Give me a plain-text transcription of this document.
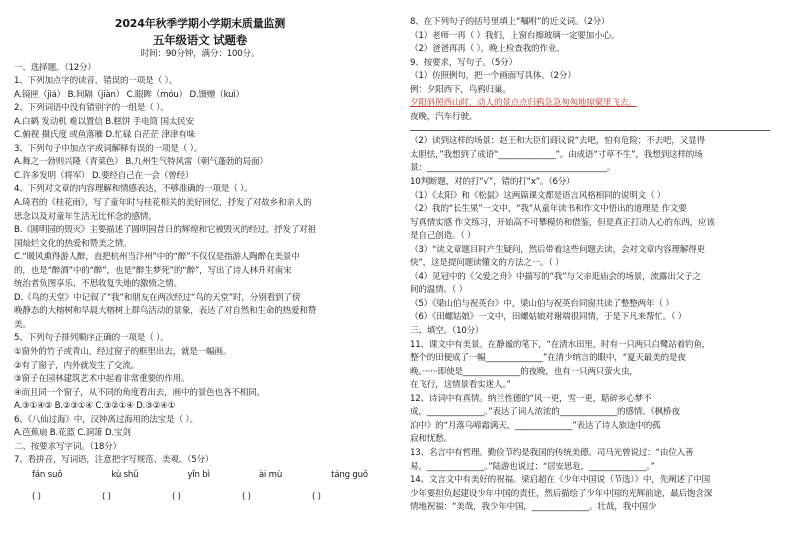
2024年秋季学期小学期末质量监测
五年级语文 试题卷
时间：90分钟，满分：100分。
一、选择题。（12分）
1、下列加点字的读音，错误的一项是（ ）。
A.镜匣（jiá） B.间隔（jiàn） C.眼眸（móu） D.馈赠（kuì）
2、下列词语中没有错别字的一组是（ ）。
A.白鹤 发动机 难以置信 B.糕饼 手电筒 国太民安
C.俯视 摄氏度 或鱼落雁 D.忙碌 白茫茫 津津有味
3、下列句子中加点字或词解释有误的一项是（ ）。
A.舞之一勃则兴隆（青菜色） B.九州生气特风雷（朝气蓬勃的局面）
C.许多发明（将军） D.要经自己在一会（曾经）
4、下列对文章的内容理解和情感表达，不够准确的一项是（ ）。
A.琦君的《桂花雨》，写了童年时与桂花相关的美好回忆，抒发了对故乡和亲人的
思念以及对童年生活无比怀念的感情。
B.《圆明园的毁灭》主要描述了圆明园昔日的辉煌和它被毁灭的经过，抒发了对祖
国灿烂文化的热爱和赞美之情。
C.“暖风熏得游人醉，直把杭州当汴州”中的“醉”不仅仅是指游人陶醉在美景中
的，也是“醉酒”中的“醉”，也是“醉生梦死”的“醉”，写出了诗人林升对南宋
统治者负图享乐、不思收复失地的激愤之情。
D.《鸟的天堂》中记叙了“我”和朋友在两次经过“鸟的天堂”时，分别看到了傍
晚静态的大榕树和早晨大榕树上群鸟活动的景象，表达了对自然和生命的热爱和赞
美。
5、下列句子排列顺序正确的一项是（ ）。
①窗外的竹子或青山，经过窗子的框里出去，就是一幅画。
②有了窗子，内外就发生了交流。
③窗子在园林建筑艺术中起着非常重要的作用。
④而且同一个窗子，从不同的角度看出去，画中的景色也各不相同。
A.③①④② B.②③①④ C.③②①④ D.③②④①
6、《八仙过海》中，汉钟离过海用的法宝是（ ）。
A.芭蕉扇 B.花篮 C.洞箫 D.宝剑
二、按要求写字词。（18分）
7、看拼音，写词语，注意把字写规范、美观。（5分）
fán suǒ	kù shǔ	yǐn bì	ài mù	táng guǒ
( )	( )	( )	( )	( )
8、在下列句子的括号里填上“嘱咐”的近义词。（2分）
（1）老师一再（ ）我们，上窗台擦玻璃一定要加小心。
（2）爸爸再再（ ），晚上检查我的作业。
9、按要求，写句子。（5分）
（1）仿照例句，把一个画面写具体。（2分）
例：夕阳西下，鸟鸦归巢。
夕阳斜照西山时，动人的景点点归鸦急急匆匆地掠窠里飞去。
夜晚，汽车行驶。
（2）读到这样的场景：赵王和大臣们商议说“去吧，怕有危险；不去吧，又显得
太胆怯，”我想到了成语“______________”。由成语“寸草不生”，我想到这样的场
景：____________________________________________。
10判断题，对的打“√”，错的打“x”。（6分）
（1）《太阳》和《松鼠》这两篇课文都是语言风格相同的说明文（ ）
（2）我的“长生果”一文中，“我”从童年读书和作文中悟出的道理是 作文要
写真情实感 作文练习，开始高不可攀模仿和借鉴，但是真正打动人心的东西，应该
是自己创造。（ ）
（3）“读文章题目时产生疑问，然后带着这些问题去读，会对文章内容理解得更
快”，这是提问题读懂文的方法之一。（ ）
（4）见冠中的《父爱之舟》中描写的“我”与父亲逛庙会的场景，流露出父子之
间的温情。（ ）
（5）《梁山伯与祝英台》中，梁山伯与祝英台同窗共读了整整两年（ ）
（6）《田螺姑娘》一文中，田螺姑娘对谢端很同情，于是下凡来帮忙。（ ）
三、填空。（10分）
11、课文中有美景。在静谧的笔下，“在清水田里，时有一只两只白鹭站着钓鱼，
整个的田便成了一幅______________”在清少纳言的眼中，“夏天最美的是夜
晚。······即使是______________的夜晚，也有一只两只萤火虫，
在飞行，这情景看实迷人。”
12、诗词中有真情。纳兰性德的“风一更，雪一更，聒碎乡心梦不
成，______________。”表达了词人浓浓的______________的感情。《枫桥夜
泊中》的“月落乌啼霜满天，______________”表达了诗人旅途中的孤
寂和忧愁。
13、名言中有哲理。勤俭节约是我国的传统美德。司马光曾说过：“由位入善
易，______________。”陆游也说过：“居安思危，______________。”
14、文言文中有美好的祝福。梁启超在《少年中国说（节选）》中，先阐述了中国
少年要担负起建设少年中国的责任，然后描绘了少年中国的光辉前途，最后饱含深
情地祝福：“美哉，我少年中国，______________。壮哉，我中国少
